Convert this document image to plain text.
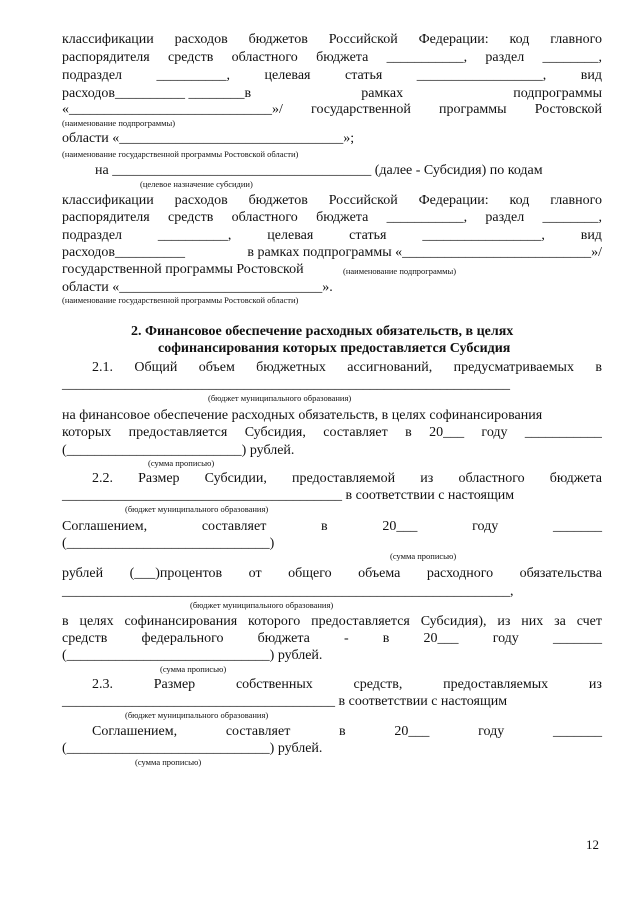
классификации расходов бюджетов Российской Федерации: код главного
распорядителя средств областного бюджета ___________, раздел ________,
подраздел __________, целевая статья __________________, вид
расходов__________ ________в	рамках	подпрограммы
«_____________________________»/ государственной программы Ростовской
(наименование подпрограммы)
области «________________________________»;
(наименование государственной программы Ростовской области)
на _____________________________________ (далее - Субсидия) по кодам
(целевое назначение субсидии)
классификации расходов бюджетов Российской Федерации: код главного
распорядителя средств областного бюджета ___________, раздел ________,
подраздел	__________,	целевая	статья	_________________,	вид
расходов__________	в рамках подпрограммы «___________________________»/
государственной программы Ростовской	(наименование подпрограммы)
области «_____________________________».
(наименование государственной программы Ростовской области)
2. Финансовое обеспечение расходных обязательств, в целях
софинансирования которых предоставляется Субсидия
2.1. Общий объем бюджетных ассигнований, предусматриваемых в
________________________________________________________________
(бюджет муниципального образования)
на финансовое обеспечение расходных обязательств, в целях софинансирования
которых предоставляется Субсидия, составляет в 20___ году ___________
(_________________________) рублей.
(сумма прописью)
2.2. Размер Субсидии, предоставляемой из областного бюджета
________________________________________ в соответствии с настоящим
(бюджет муниципального образования)
Соглашением,	составляет	в	20___	году	_______
(_____________________________)
(сумма прописью)
рублей (___)процентов от общего объема расходного обязательства
________________________________________________________________,
(бюджет муниципального образования)
в целях софинансирования которого предоставляется Субсидия), из них за счет
средств федерального бюджета - в 20___ году _______
(_____________________________) рублей.
(сумма прописью)
2.3.	Размер	собственных	средств,	предоставляемых	из
_______________________________________ в соответствии с настоящим
(бюджет муниципального образования)
Соглашением,	составляет	в	20___	году	_______
(_____________________________) рублей.
(сумма прописью)
12
